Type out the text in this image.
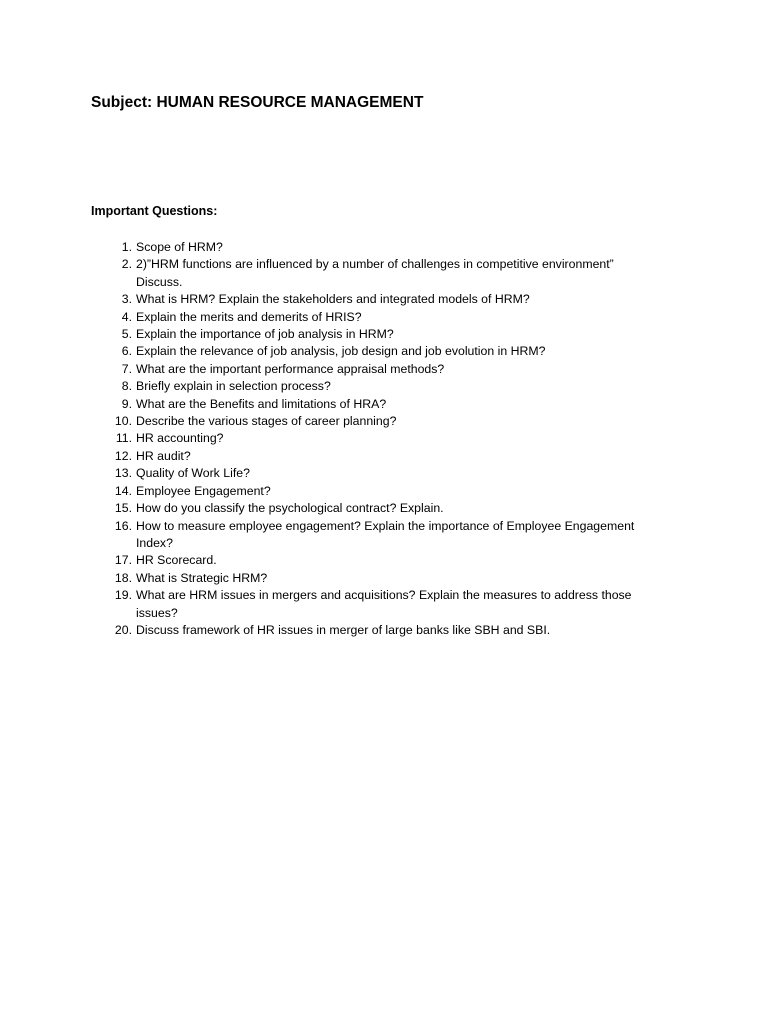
Subject: HUMAN RESOURCE MANAGEMENT
Important Questions:
1. Scope of HRM?
2. 2)”HRM functions are influenced by a number of challenges in competitive environment” Discuss.
3. What is HRM? Explain the stakeholders and integrated models of HRM?
4. Explain the merits and demerits of HRIS?
5. Explain the importance of job analysis in HRM?
6. Explain the relevance of job analysis, job design and job evolution in HRM?
7. What are the important performance appraisal methods?
8. Briefly explain in selection process?
9. What are the Benefits and limitations of HRA?
10. Describe the various stages of career planning?
11. HR accounting?
12. HR audit?
13. Quality of Work Life?
14. Employee Engagement?
15. How do you classify the psychological contract? Explain.
16. How to measure employee engagement? Explain the importance of Employee Engagement Index?
17. HR Scorecard.
18. What is Strategic HRM?
19. What are HRM issues in mergers and acquisitions? Explain the measures to address those issues?
20. Discuss framework of HR issues in merger of large banks like SBH and SBI.
